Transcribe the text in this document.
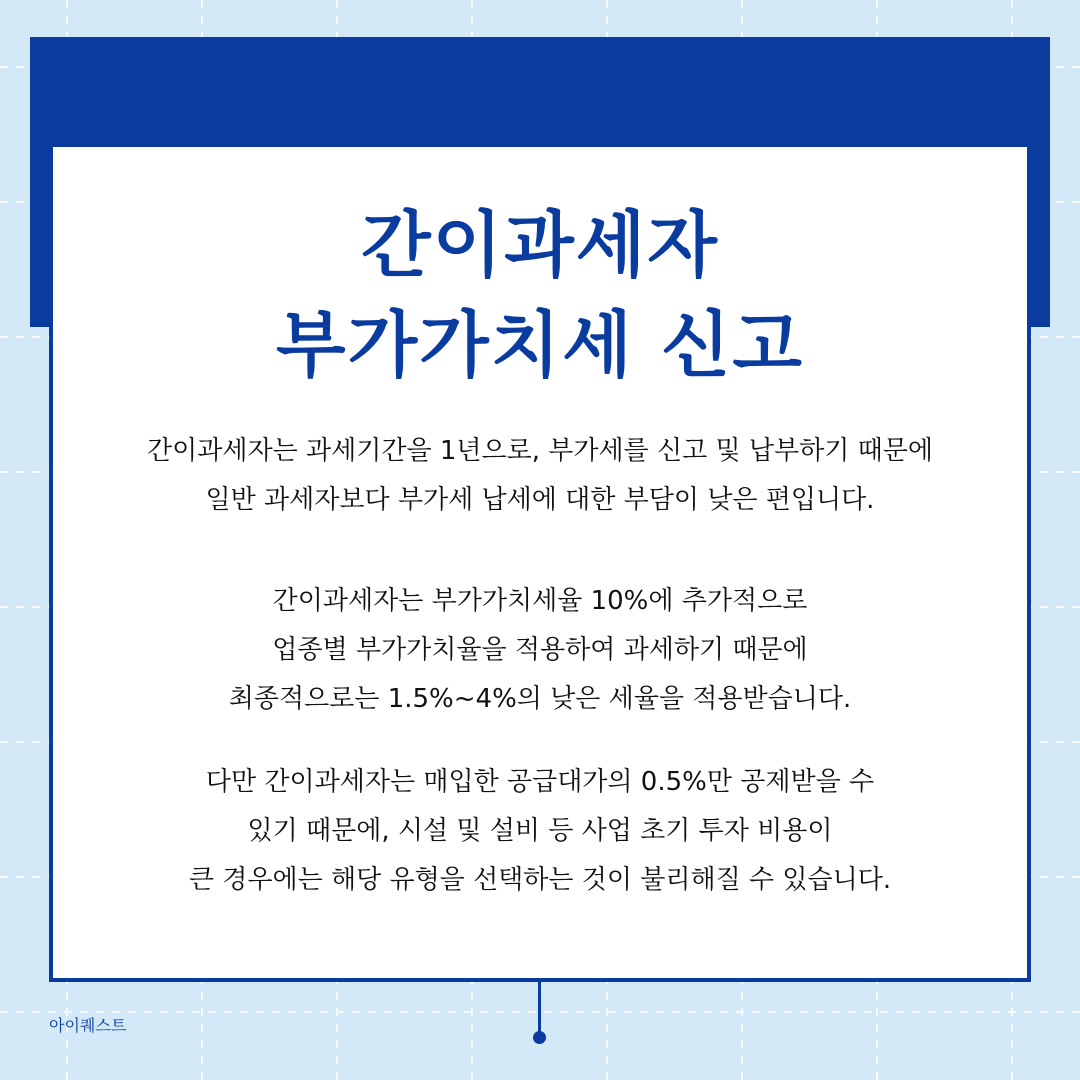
간이과세자
부가가치세 신고

간이과세자는 과세기간을 1년으로, 부가세를 신고 및 납부하기 때문에
일반 과세자보다 부가세 납세에 대한 부담이 낮은 편입니다.

간이과세자는 부가가치세율 10%에 추가적으로
업종별 부가가치율을 적용하여 과세하기 때문에
최종적으로는 1.5%~4%의 낮은 세율을 적용받습니다.

다만 간이과세자는 매입한 공급대가의 0.5%만 공제받을 수
있기 때문에, 시설 및 설비 등 사업 초기 투자 비용이
큰 경우에는 해당 유형을 선택하는 것이 불리해질 수 있습니다.

아이퀘스트
